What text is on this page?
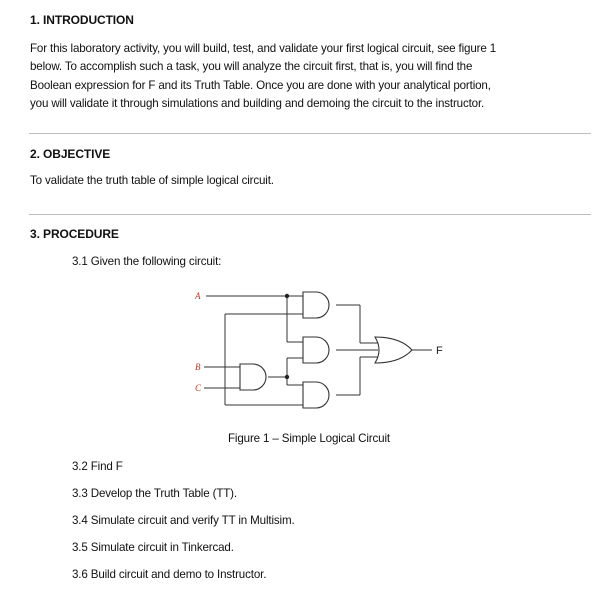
1. INTRODUCTION
For this laboratory activity, you will build, test, and validate your first logical circuit, see figure 1
below. To accomplish such a task, you will analyze the circuit first, that is, you will find the
Boolean expression for F and its Truth Table. Once you are done with your analytical portion,
you will validate it through simulations and building and demoing the circuit to the instructor.
2. OBJECTIVE
To validate the truth table of simple logical circuit.
3. PROCEDURE
3.1 Given the following circuit:
A
B
C
F
Figure 1 – Simple Logical Circuit
3.2 Find F
3.3 Develop the Truth Table (TT).
3.4 Simulate circuit and verify TT in Multisim.
3.5 Simulate circuit in Tinkercad.
3.6 Build circuit and demo to Instructor.
